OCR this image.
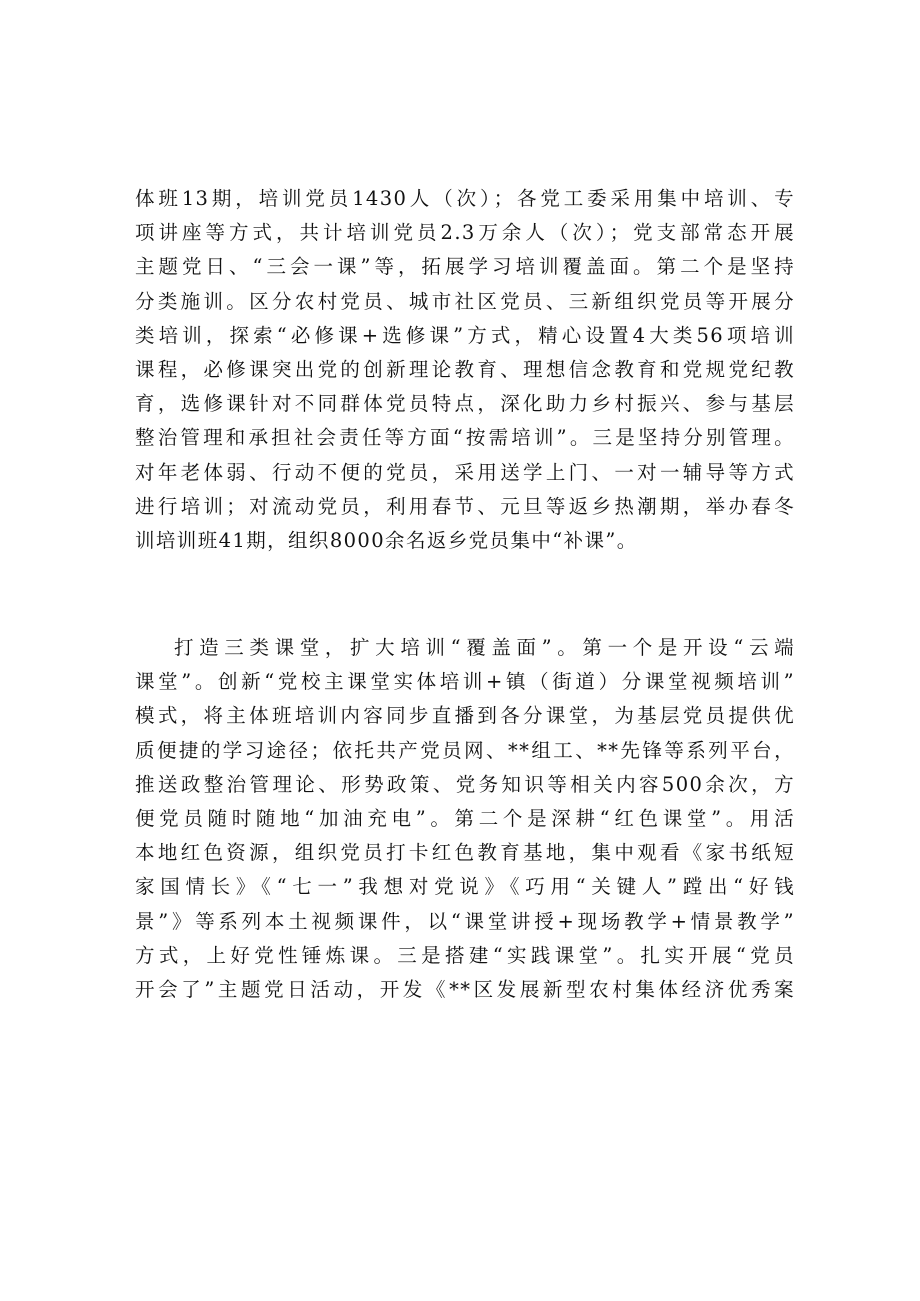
体班13期，培训党员1430人（次）；各党工委采用集中培训、专
项讲座等方式，共计培训党员2.3万余人（次）；党支部常态开展
主题党日、“三会一课”等，拓展学习培训覆盖面。第二个是坚持
分类施训。区分农村党员、城市社区党员、三新组织党员等开展分
类培训，探索“必修课+选修课”方式，精心设置4大类56项培训
课程，必修课突出党的创新理论教育、理想信念教育和党规党纪教
育，选修课针对不同群体党员特点，深化助力乡村振兴、参与基层
整治管理和承担社会责任等方面“按需培训”。三是坚持分别管理。
对年老体弱、行动不便的党员，采用送学上门、一对一辅导等方式
进行培训；对流动党员，利用春节、元旦等返乡热潮期，举办春冬
训培训班41期，组织8000余名返乡党员集中“补课”。
打造三类课堂，扩大培训“覆盖面”。第一个是开设“云端
课堂”。创新“党校主课堂实体培训+镇（街道）分课堂视频培训”
模式，将主体班培训内容同步直播到各分课堂，为基层党员提供优
质便捷的学习途径；依托共产党员网、**组工、**先锋等系列平台，
推送政整治管理论、形势政策、党务知识等相关内容500余次，方
便党员随时随地“加油充电”。第二个是深耕“红色课堂”。用活
本地红色资源，组织党员打卡红色教育基地，集中观看《家书纸短
家国情长》《“七一”我想对党说》《巧用“关键人”蹚出“好钱
景”》等系列本土视频课件，以“课堂讲授+现场教学+情景教学”
方式，上好党性锤炼课。三是搭建“实践课堂”。扎实开展“党员
开会了”主题党日活动，开发《**区发展新型农村集体经济优秀案
